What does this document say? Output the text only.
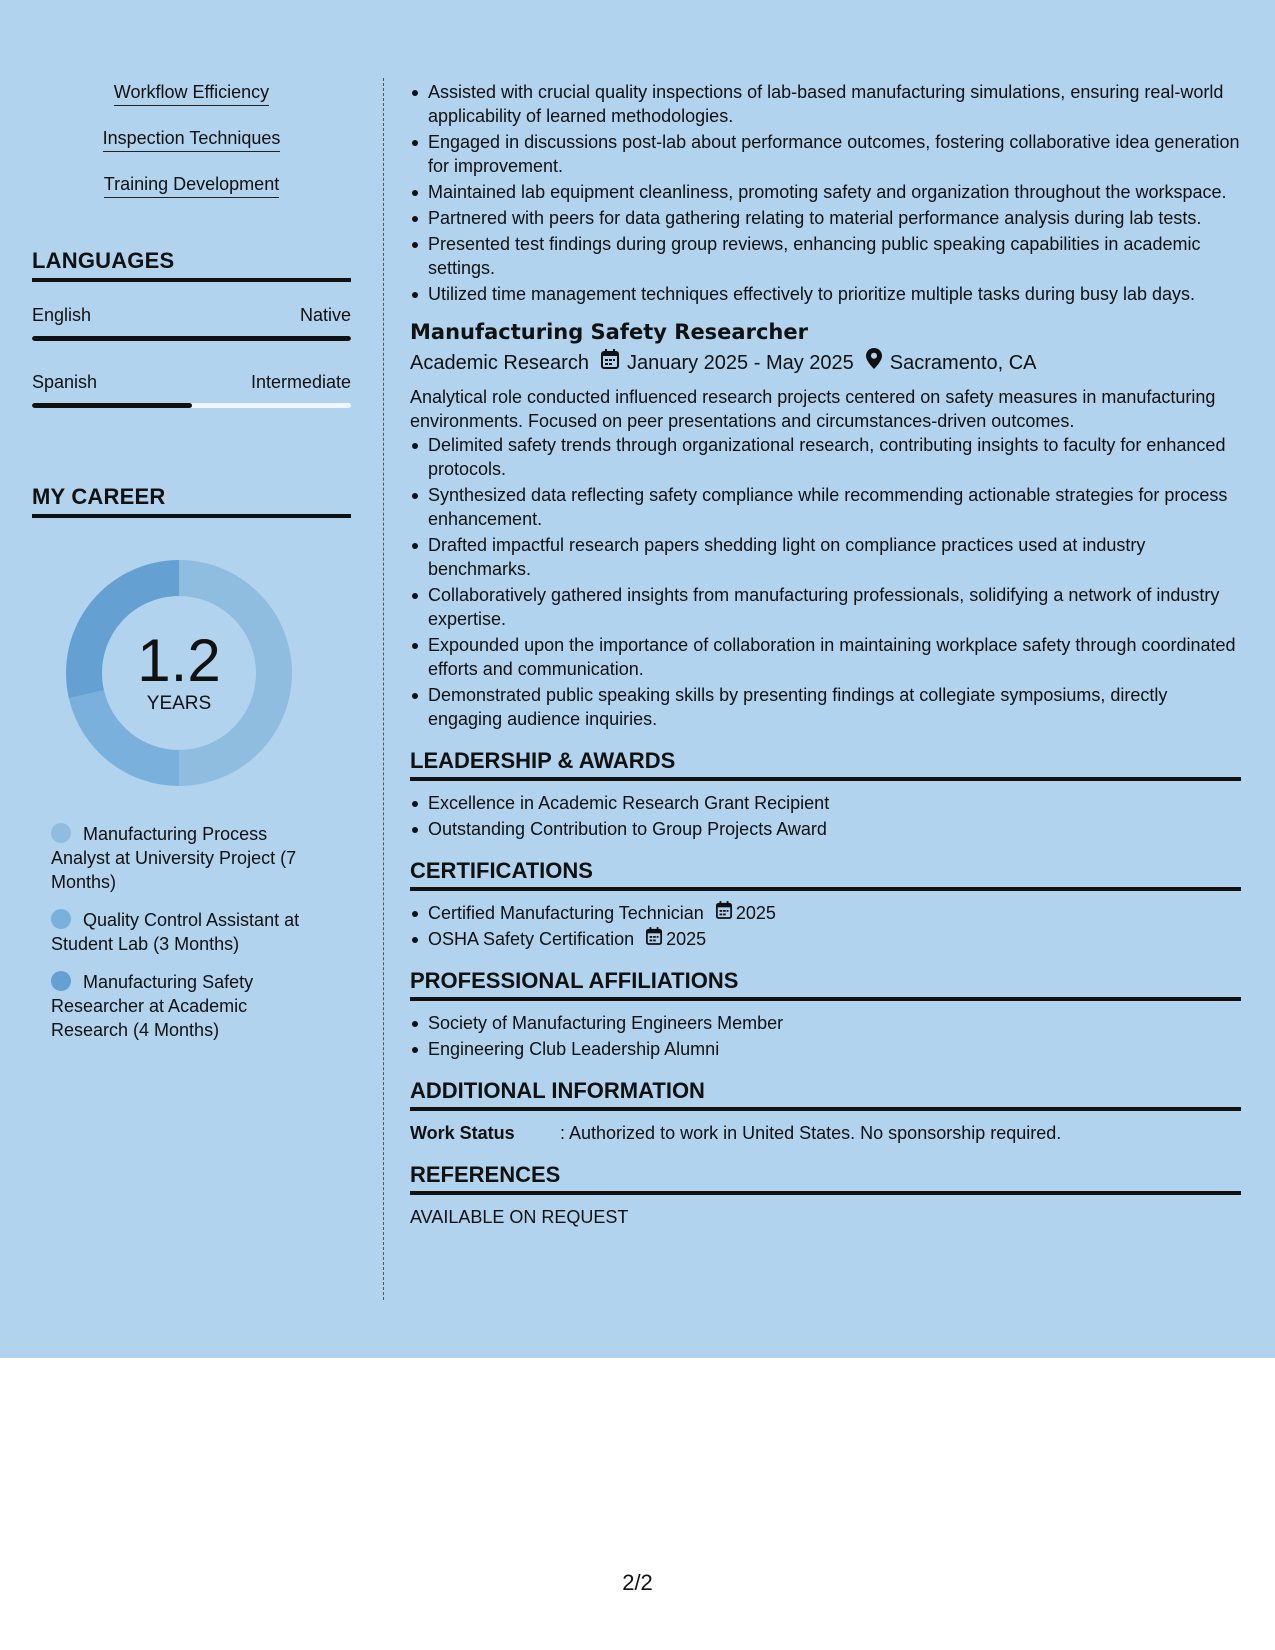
Workflow Efficiency
Inspection Techniques
Training Development
LANGUAGES
English	Native
Spanish	Intermediate
MY CAREER
1.2
YEARS
Manufacturing Process Analyst at University Project (7 Months)
Quality Control Assistant at Student Lab (3 Months)
Manufacturing Safety Researcher at Academic Research (4 Months)
Assisted with crucial quality inspections of lab-based manufacturing simulations, ensuring real-world applicability of learned methodologies.
Engaged in discussions post-lab about performance outcomes, fostering collaborative idea generation for improvement.
Maintained lab equipment cleanliness, promoting safety and organization throughout the workspace.
Partnered with peers for data gathering relating to material performance analysis during lab tests.
Presented test findings during group reviews, enhancing public speaking capabilities in academic settings.
Utilized time management techniques effectively to prioritize multiple tasks during busy lab days.
Manufacturing Safety Researcher
Academic Research January 2025 - May 2025 Sacramento, CA

Analytical role conducted influenced research projects centered on safety measures in manufacturing environments. Focused on peer presentations and circumstances-driven outcomes.

Delimited safety trends through organizational research, contributing insights to faculty for enhanced protocols.
Synthesized data reflecting safety compliance while recommending actionable strategies for process enhancement.
Drafted impactful research papers shedding light on compliance practices used at industry benchmarks.
Collaboratively gathered insights from manufacturing professionals, solidifying a network of industry expertise.
Expounded upon the importance of collaboration in maintaining workplace safety through coordinated efforts and communication.
Demonstrated public speaking skills by presenting findings at collegiate symposiums, directly engaging audience inquiries.
LEADERSHIP & AWARDS
Excellence in Academic Research Grant Recipient
Outstanding Contribution to Group Projects Award
CERTIFICATIONS
Certified Manufacturing Technician 2025
OSHA Safety Certification 2025
PROFESSIONAL AFFILIATIONS
Society of Manufacturing Engineers Member
Engineering Club Leadership Alumni
ADDITIONAL INFORMATION
Work Status	: Authorized to work in United States. No sponsorship required.
REFERENCES

AVAILABLE ON REQUEST

2/2
